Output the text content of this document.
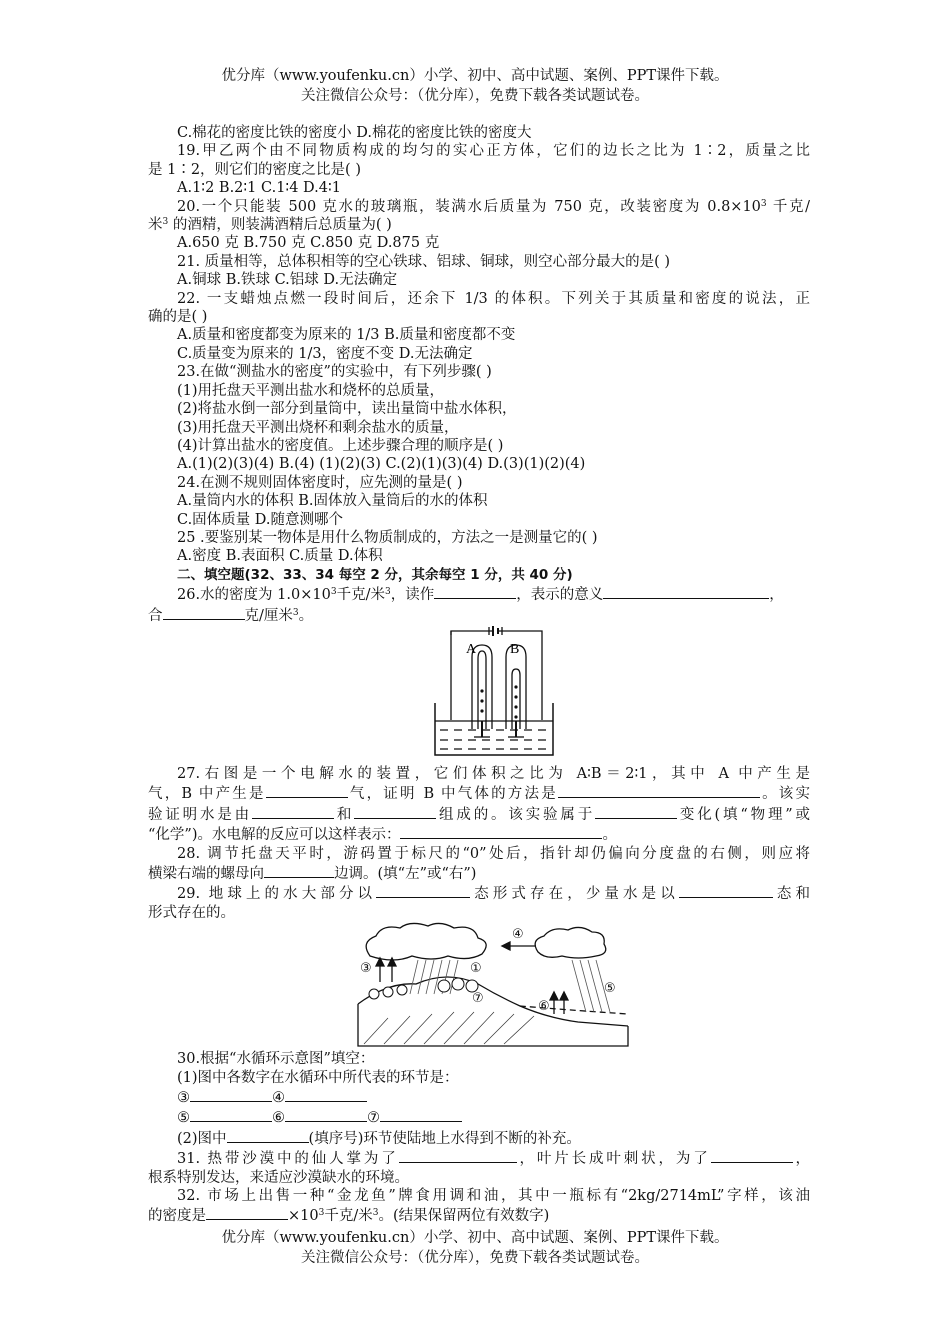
优分库（www.youfenku.cn）小学、初中、高中试题、案例、PPT课件下载。
关注微信公众号：（优分库），免费下载各类试题试卷。

C.棉花的密度比铁的密度小 D.棉花的密度比铁的密度大

19.甲乙两个由不同物质构成的均匀的实心正方体，它们的边长之比为 1∶2，质量之比

是 1∶2，则它们的密度之比是( )

A.1∶2 B.2∶1 C.1∶4 D.4∶1

20.一个只能装 500 克水的玻璃瓶，装满水后质量为 750 克，改装密度为 $0.8\times 10^3$ 千克/

米$^3$ 的酒精，则装满酒精后总质量为( )

A.650 克 B.750 克 C.850 克 D.875 克

21. 质量相等，总体积相等的空心铁球、铝球、铜球，则空心部分最大的是( )

A.铜球 B.铁球 C.铝球 D.无法确定

22. 一支蜡烛点燃一段时间后，还余下 1/3 的体积。下列关于其质量和密度的说法，正

确的是( )

A.质量和密度都变为原来的 1/3 B.质量和密度都不变

C.质量变为原来的 1/3，密度不变 D.无法确定

23.在做“测盐水的密度”的实验中，有下列步骤( )

(1)用托盘天平测出盐水和烧杯的总质量，

(2)将盐水倒一部分到量筒中，读出量筒中盐水体积，

(3)用托盘天平测出烧杯和剩余盐水的质量，

(4)计算出盐水的密度值。上述步骤合理的顺序是( )

A.(1)(2)(3)(4) B.(4) (1)(2)(3) C.(2)(1)(3)(4) D.(3)(1)(2)(4)

24.在测不规则固体密度时，应先测的量是( )

A.量筒内水的体积 B.固体放入量筒后的水的体积

C.固体质量 D.随意测哪个

25 .要鉴别某一物体是用什么物质制成的，方法之一是测量它的( )

A.密度 B.表面积 C.质量 D.体积

二、填空题(32、33、34 每空 2 分，其余每空 1 分，共 40 分)

26.水的密度为 $1.0\times 10^3$千克/米$^3$，读作	，表示的意义	，

合	克/厘米$^3$。

A B

27.右图是一个电解水的装置，它们体积之比为 A∶B＝2∶1，其中 A 中产生是

气，B 中产生是	气，证明 B 中气体的方法是	。该实

验证明水是由	和	组成的。该实验属于	变化(填“物理”或

“化学”)。水电解的反应可以这样表示：	。

28. 调节托盘天平时，游码置于标尺的“0”处后，指针却仍偏向分度盘的右侧，则应将

横梁右端的螺母向	边调。(填“左”或“右”)

29. 地球上的水大部分以	态形式存在，少量水是以	态和

形式存在的。

①
③
④
⑤
⑥
⑦

30.根据“水循环示意图”填空：

(1)图中各数字在水循环中所代表的环节是：

③	④

⑤	⑥	⑦

(2)图中	(填序号)环节使陆地上水得到不断的补充。

31. 热带沙漠中的仙人掌为了	，叶片长成叶刺状，为了	，

根系特别发达，来适应沙漠缺水的环境。

32. 市场上出售一种“金龙鱼”牌食用调和油，其中一瓶标有“2kg/2714mL”字样，该油

的密度是	$\times 10^3$千克/米$^3$。(结果保留两位有效数字)

优分库（www.youfenku.cn）小学、初中、高中试题、案例、PPT课件下载。
关注微信公众号：（优分库），免费下载各类试题试卷。
